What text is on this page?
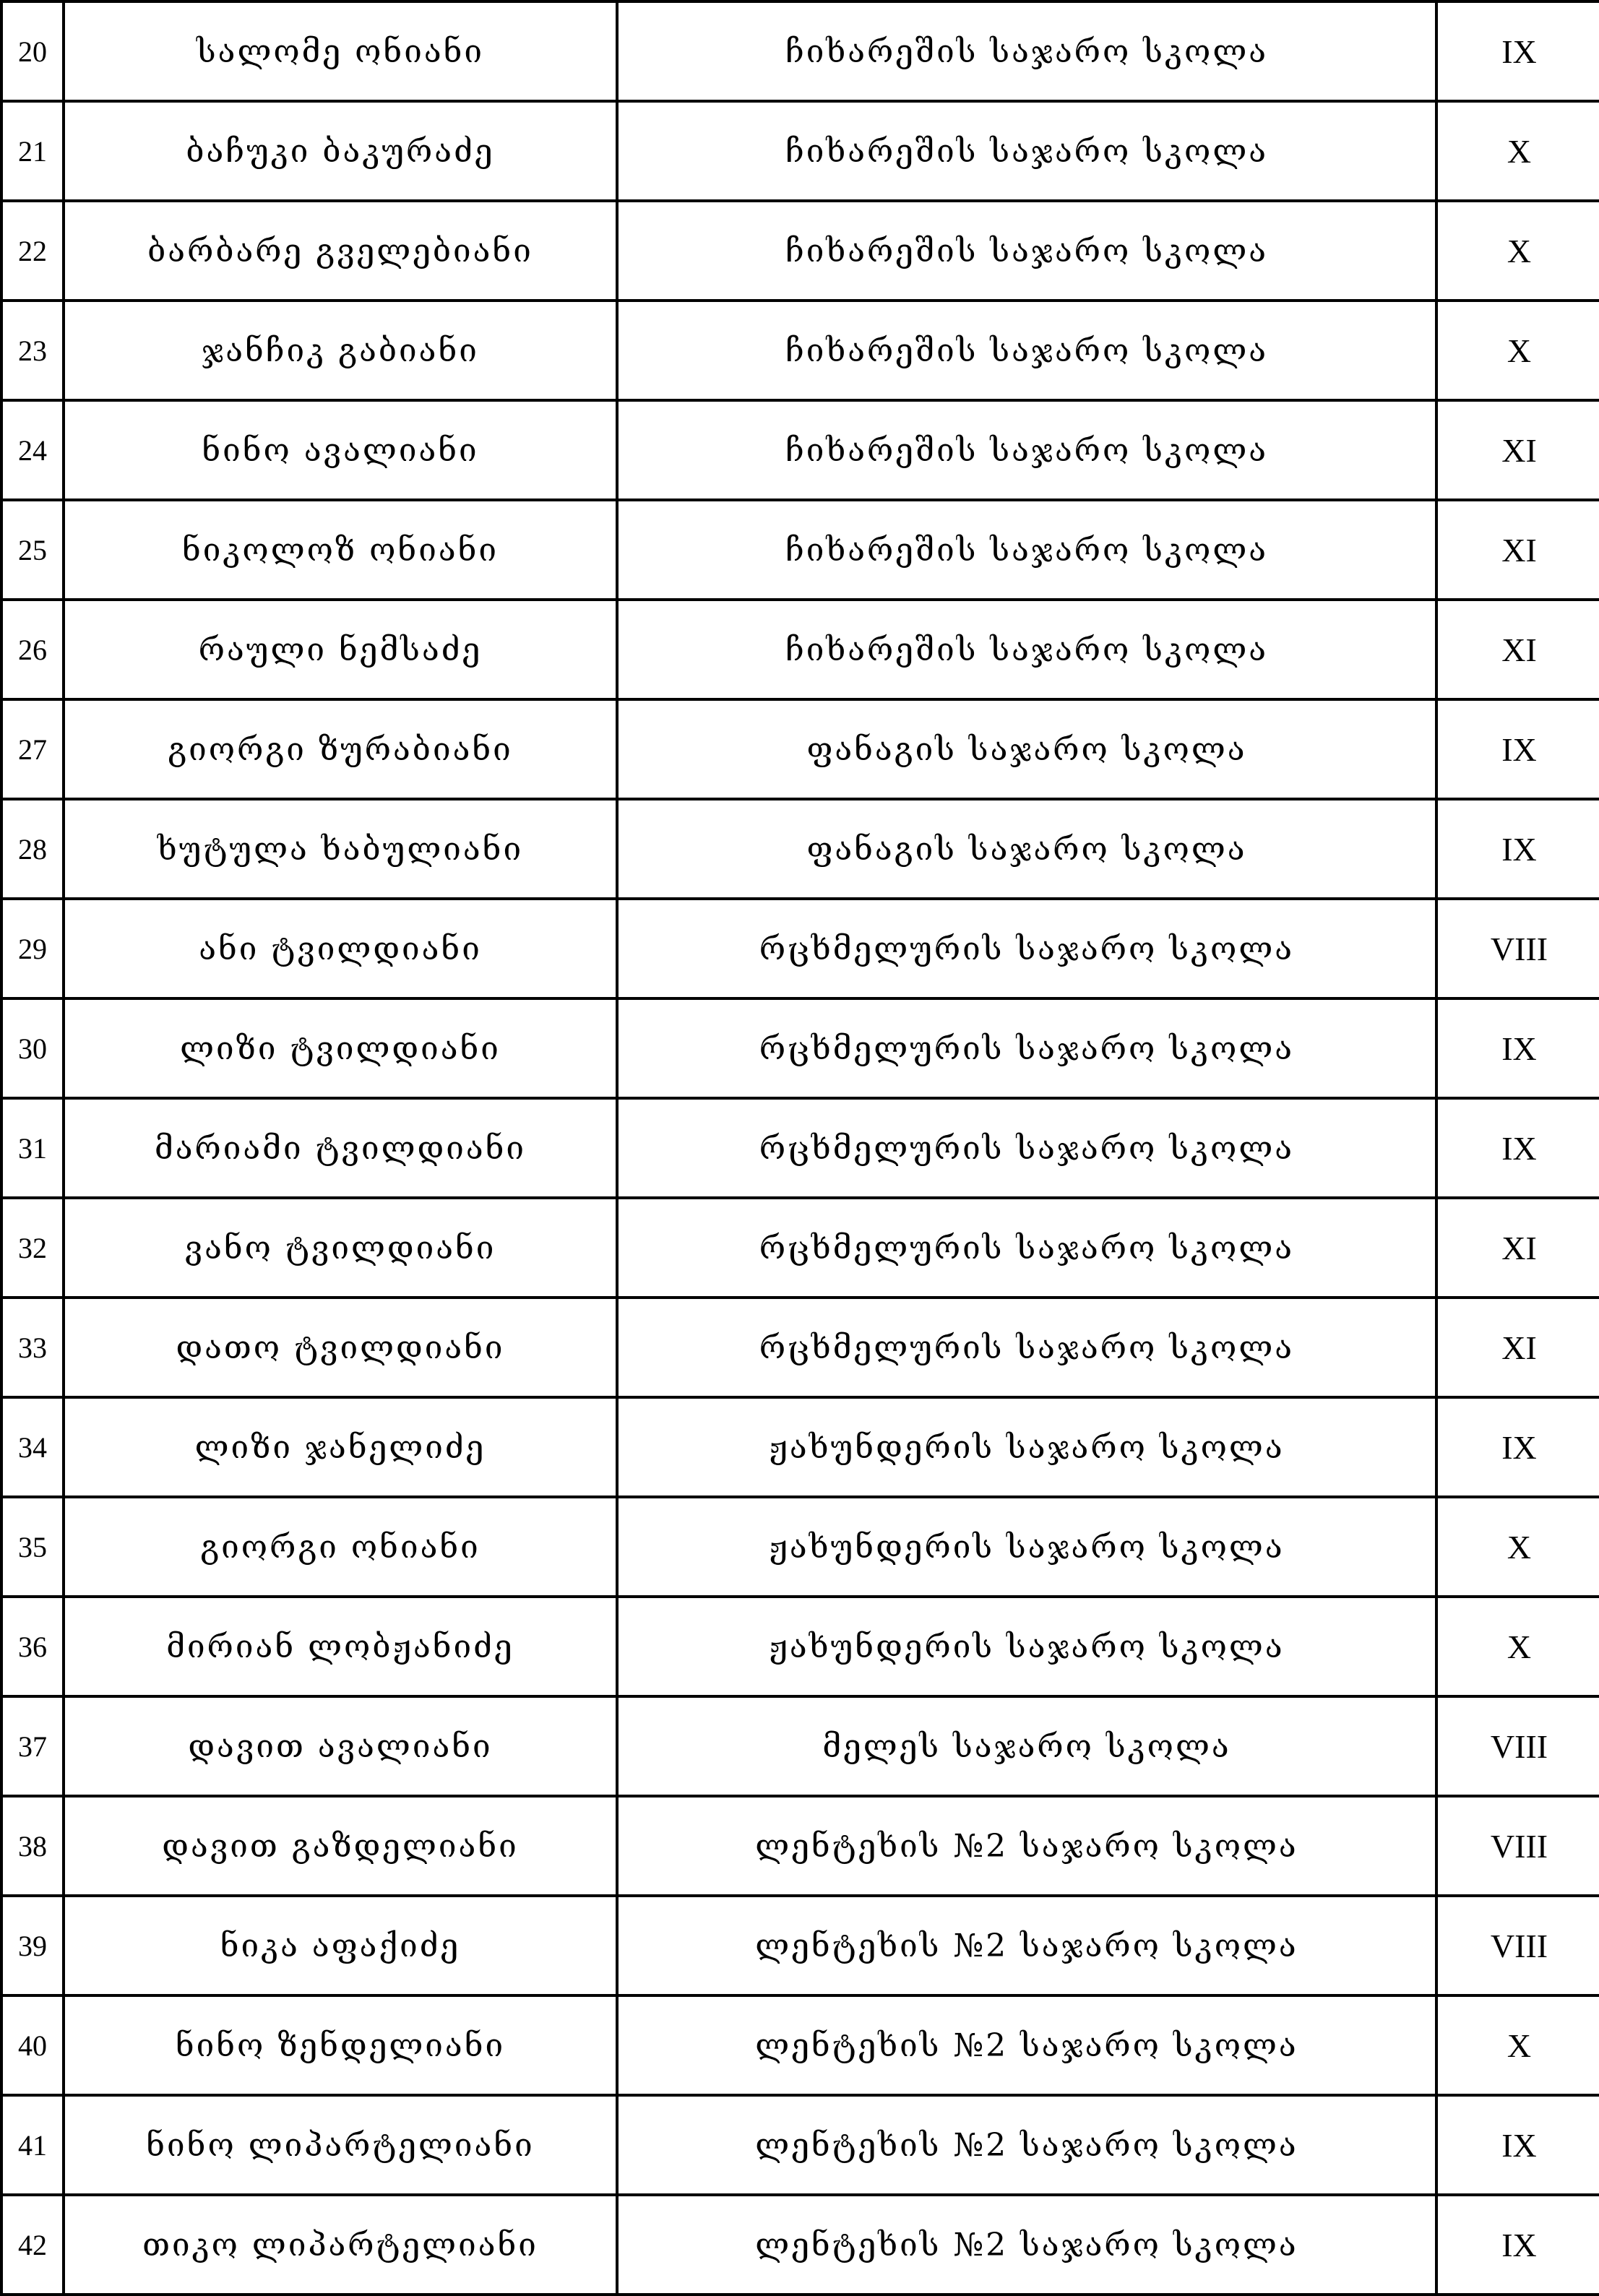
20	სალომე ონიანი	ჩიხარეშის საჯარო სკოლა	IX
21	ბაჩუკი ბაკურაძე	ჩიხარეშის საჯარო სკოლა	X
22	ბარბარე გველებიანი	ჩიხარეშის საჯარო სკოლა	X
23	ჯანჩიკ გაბიანი	ჩიხარეშის საჯარო სკოლა	X
24	ნინო ავალიანი	ჩიხარეშის საჯარო სკოლა	XI
25	ნიკოლოზ ონიანი	ჩიხარეშის საჯარო სკოლა	XI
26	რაული ნემსაძე	ჩიხარეშის საჯარო სკოლა	XI
27	გიორგი ზურაბიანი	ფანაგის საჯარო სკოლა	IX
28	ხუტულა ხაბულიანი	ფანაგის საჯარო სკოლა	IX
29	ანი ტვილდიანი	რცხმელურის საჯარო სკოლა	VIII
30	ლიზი ტვილდიანი	რცხმელურის საჯარო სკოლა	IX
31	მარიამი ტვილდიანი	რცხმელურის საჯარო სკოლა	IX
32	ვანო ტვილდიანი	რცხმელურის საჯარო სკოლა	XI
33	დათო ტვილდიანი	რცხმელურის საჯარო სკოლა	XI
34	ლიზი ჯანელიძე	ჟახუნდერის საჯარო სკოლა	IX
35	გიორგი ონიანი	ჟახუნდერის საჯარო სკოლა	X
36	მირიან ლობჟანიძე	ჟახუნდერის საჯარო სკოლა	X
37	დავით ავალიანი	მელეს საჯარო სკოლა	VIII
38	დავით გაზდელიანი	ლენტეხის №2 საჯარო სკოლა	VIII
39	ნიკა აფაქიძე	ლენტეხის №2 საჯარო სკოლა	VIII
40	ნინო ზენდელიანი	ლენტეხის №2 საჯარო სკოლა	X
41	ნინო ლიპარტელიანი	ლენტეხის №2 საჯარო სკოლა	IX
42	თიკო ლიპარტელიანი	ლენტეხის №2 საჯარო სკოლა	IX
